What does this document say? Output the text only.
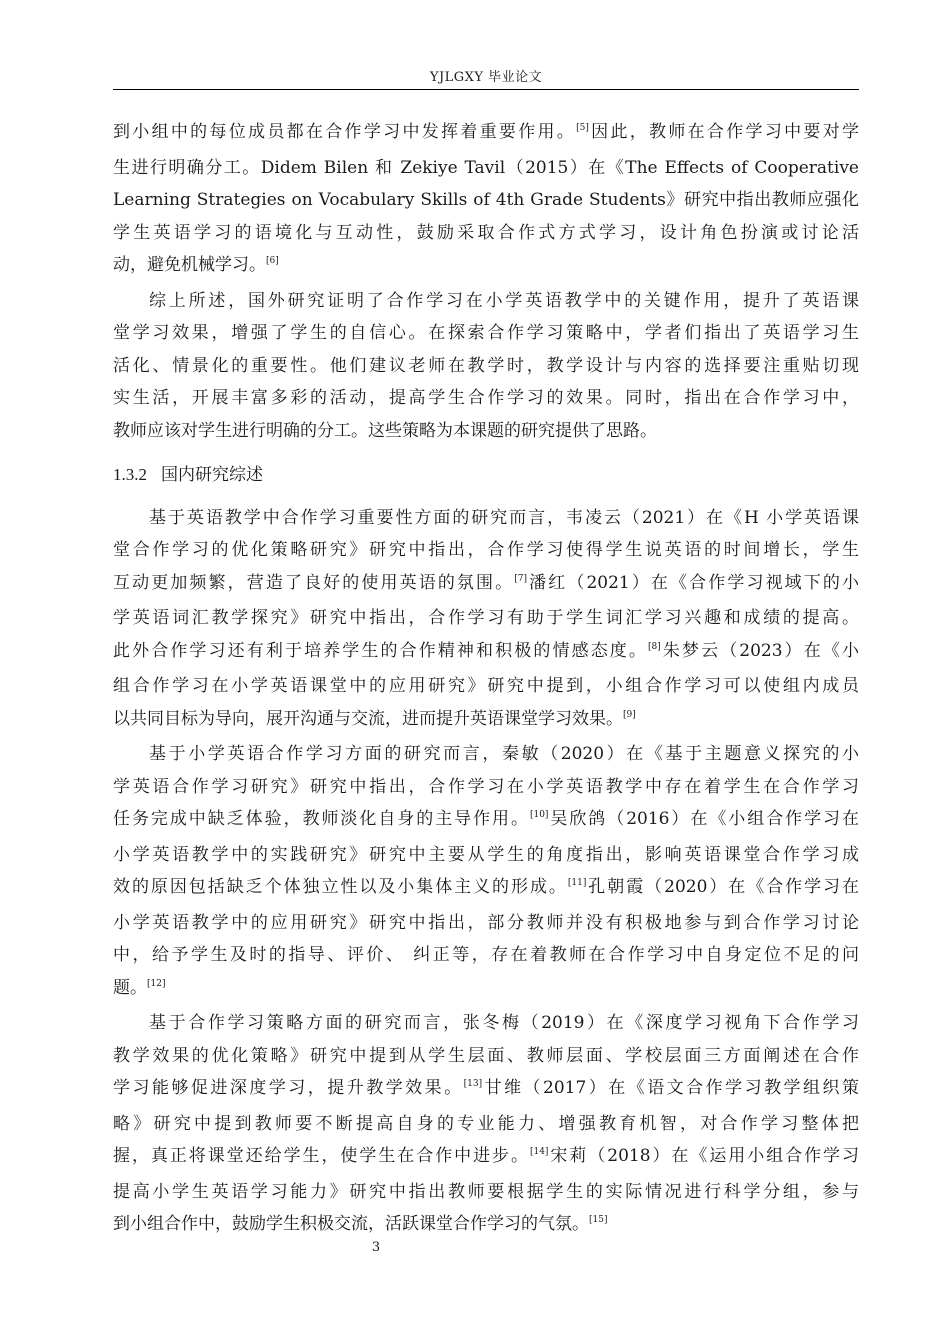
YJLGXY 毕业论文
到小组中的每位成员都在合作学习中发挥着重要作用。[5]因此，教师在合作学习中要对学
生进行明确分工。Didem Bilen 和 Zekiye Tavil（2015）在《The Effects of Cooperative
Learning Strategies on Vocabulary Skills of 4th Grade Students》研究中指出教师应强化
学生英语学习的语境化与互动性，鼓励采取合作式方式学习，设计角色扮演或讨论活
动，避免机械学习。[6]
综上所述，国外研究证明了合作学习在小学英语教学中的关键作用，提升了英语课
堂学习效果，增强了学生的自信心。在探索合作学习策略中，学者们指出了英语学习生
活化、情景化的重要性。他们建议老师在教学时，教学设计与内容的选择要注重贴切现
实生活，开展丰富多彩的活动，提高学生合作学习的效果。同时，指出在合作学习中，
教师应该对学生进行明确的分工。这些策略为本课题的研究提供了思路。
1.3.2 国内研究综述
基于英语教学中合作学习重要性方面的研究而言，韦凌云（2021）在《H 小学英语课
堂合作学习的优化策略研究》研究中指出，合作学习使得学生说英语的时间增长，学生
互动更加频繁，营造了良好的使用英语的氛围。[7]潘红（2021）在《合作学习视域下的小
学英语词汇教学探究》研究中指出，合作学习有助于学生词汇学习兴趣和成绩的提高。
此外合作学习还有利于培养学生的合作精神和积极的情感态度。[8]朱梦云（2023）在《小
组合作学习在小学英语课堂中的应用研究》研究中提到，小组合作学习可以使组内成员
以共同目标为导向，展开沟通与交流，进而提升英语课堂学习效果。[9]
基于小学英语合作学习方面的研究而言，秦敏（2020）在《基于主题意义探究的小
学英语合作学习研究》研究中指出，合作学习在小学英语教学中存在着学生在合作学习
任务完成中缺乏体验，教师淡化自身的主导作用。[10]吴欣鸽（2016）在《小组合作学习在
小学英语教学中的实践研究》研究中主要从学生的角度指出，影响英语课堂合作学习成
效的原因包括缺乏个体独立性以及小集体主义的形成。[11]孔朝霞（2020）在《合作学习在
小学英语教学中的应用研究》研究中指出，部分教师并没有积极地参与到合作学习讨论
中，给予学生及时的指导、评价、 纠正等，存在着教师在合作学习中自身定位不足的问
题。[12]
基于合作学习策略方面的研究而言，张冬梅（2019）在《深度学习视角下合作学习
教学效果的优化策略》研究中提到从学生层面、教师层面、学校层面三方面阐述在合作
学习能够促进深度学习，提升教学效果。[13]甘维（2017）在《语文合作学习教学组织策
略》研究中提到教师要不断提高自身的专业能力、增强教育机智，对合作学习整体把
握，真正将课堂还给学生，使学生在合作中进步。[14]宋莉（2018）在《运用小组合作学习
提高小学生英语学习能力》研究中指出教师要根据学生的实际情况进行科学分组，参与
到小组合作中，鼓励学生积极交流，活跃课堂合作学习的气氛。[15]
3
